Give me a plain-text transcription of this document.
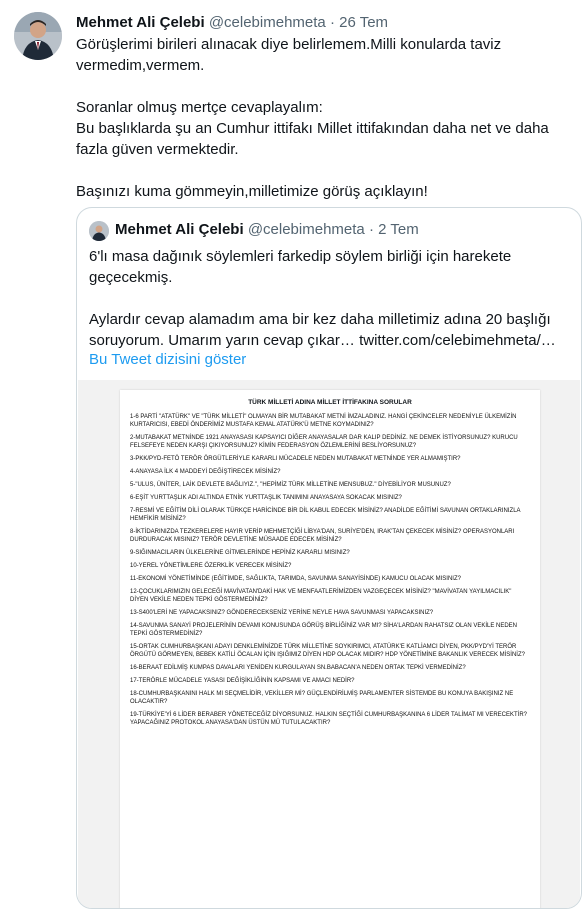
Mehmet Ali Çelebi @celebimehmeta · 26 Tem

Görüşlerimi birileri alınacak diye belirlemem.Milli konularda taviz vermedim,vermem.

Soranlar olmuş mertçe cevaplayalım:

Bu başlıklarda şu an Cumhur ittifakı Millet ittifakından daha net ve daha fazla güven vermektedir.

Başınızı kuma gömmeyin,milletimize görüş açıklayın!

Mehmet Ali Çelebi @celebimehmeta · 2 Tem

6'lı masa dağınık söylemleri farkedip söylem birliği için harekete geçecekmiş.

Aylardır cevap alamadım ama bir kez daha milletimiz adına 20 başlığı soruyorum. Umarım yarın cevap çıkar… twitter.com/celebimehmeta/…

Bu Tweet dizisini göster
TÜRK MİLLETİ ADINA MİLLET İTTİFAKINA SORULAR

1-6 PARTİ "ATATÜRK" VE "TÜRK MİLLETİ" OLMAYAN BİR MUTABAKAT METNİ İMZALADINIZ. HANGİ ÇEKİNCELER NEDENİYLE ÜLKEMİZİN KURTARICISI, EBEDİ ÖNDERİMİZ MUSTAFA KEMAL ATATÜRK'Ü METNE KOYMADINIZ?

2-MUTABAKAT METNİNDE 1921 ANAYASASI KAPSAYICI DİĞER ANAYASALAR DAR KALIP DEDİNİZ. NE DEMEK İSTİYORSUNUZ? KURUCU FELSEFEYE NEDEN KARŞI ÇIKIYORSUNUZ? KİMİN FEDERASYON ÖZLEMLERİNİ BESLİYORSUNUZ?

3-PKK/PYD-FETÖ TERÖR ÖRGÜTLERİYLE KARARLI MÜCADELE NEDEN MUTABAKAT METNİNDE YER ALMAMIŞTIR?

4-ANAYASA İLK 4 MADDEYİ DEĞİŞTİRECEK MİSİNİZ?

5-"ULUS, ÜNİTER, LAİK DEVLETE BAĞLIYIZ.", "HEPİMİZ TÜRK MİLLETİNE MENSUBUZ." DİYEBİLİYOR MUSUNUZ?

6-EŞİT YURTTAŞLIK ADI ALTINDA ETNİK YURTTAŞLIK TANIMINI ANAYASAYA SOKACAK MISINIZ?

7-RESMİ VE EĞİTİM DİLİ OLARAK TÜRKÇE HARİCİNDE BİR DİL KABUL EDECEK MİSİNİZ? ANADİLDE EĞİTİMİ SAVUNAN ORTAKLARINIZLA HEMFİKİR MİSİNİZ?

8-İKTİDARINIZDA TEZKERELERE HAYIR VERİP MEHMETÇİĞİ LİBYA'DAN, SURİYE'DEN, IRAK'TAN ÇEKECEK MİSİNİZ? OPERASYONLARI DURDURACAK MISINIZ? TERÖR DEVLETİNE MÜSAADE EDECEK MİSİNİZ?

9-SIĞINMACILARIN ÜLKELERİNE GİTMELERİNDE HEPİNİZ KARARLI MISINIZ?

10-YEREL YÖNETİMLERE ÖZERKLİK VERECEK MİSİNİZ?

11-EKONOMİ YÖNETİMİNDE (EĞİTİMDE, SAĞLIKTA, TARIMDA, SAVUNMA SANAYİSİNDE) KAMUCU OLACAK MISINIZ?

12-ÇOCUKLARIMIZIN GELECEĞİ MAVİVATAN'DAKİ HAK VE MENFAATLERİMİZDEN VAZGEÇECEK MİSİNİZ? "MAVİVATAN YAYILMACILIK" DİYEN VEKİLE NEDEN TEPKİ GÖSTERMEDİNİZ?

13-S400'LERİ NE YAPACAKSINIZ? GÖNDERECEKSENİZ YERİNE NEYLE HAVA SAVUNMASI YAPACAKSINIZ?

14-SAVUNMA SANAYİ PROJELERİNİN DEVAMI KONUSUNDA GÖRÜŞ BİRLİĞİNİZ VAR MI? SİHA'LARDAN RAHATSIZ OLAN VEKİLE NEDEN TEPKİ GÖSTERMEDİNİZ?

15-ORTAK CUMHURBAŞKANI ADAYI DENKLEMİNİZDE TÜRK MİLLETİNE SOYKIRIMCI, ATATÜRK'E KATLİAMCI DİYEN, PKK/PYD'Yİ TERÖR ÖRGÜTÜ GÖRMEYEN, BEBEK KATİLİ ÖCALAN İÇİN IŞIĞIMIZ DİYEN HDP OLACAK MIDIR? HDP YÖNETİMİNE BAKANLIK VERECEK MİSİNİZ?

16-BERAAT EDİLMİŞ KUMPAS DAVALARI YENİDEN KURGULAYAN SN.BABACAN'A NEDEN ORTAK TEPKİ VERMEDİNİZ?

17-TERÖRLE MÜCADELE YASASI DEĞİŞİKLİĞİNİN KAPSAMI VE AMACI NEDİR?

18-CUMHURBAŞKANINI HALK MI SEÇMELİDİR, VEKİLLER Mİ? GÜÇLENDİRİLMİŞ PARLAMENTER SİSTEMDE BU KONUYA BAKIŞINIZ NE OLACAKTIR?

19-TÜRKİYE'Yİ 6 LİDER BERABER YÖNETECEĞİZ DİYORSUNUZ. HALKIN SEÇTİĞİ CUMHURBAŞKANINA 6 LİDER TALİMAT MI VERECEKTİR? YAPACAĞINIZ PROTOKOL ANAYASA'DAN ÜSTÜN MÜ TUTULACAKTIR?
